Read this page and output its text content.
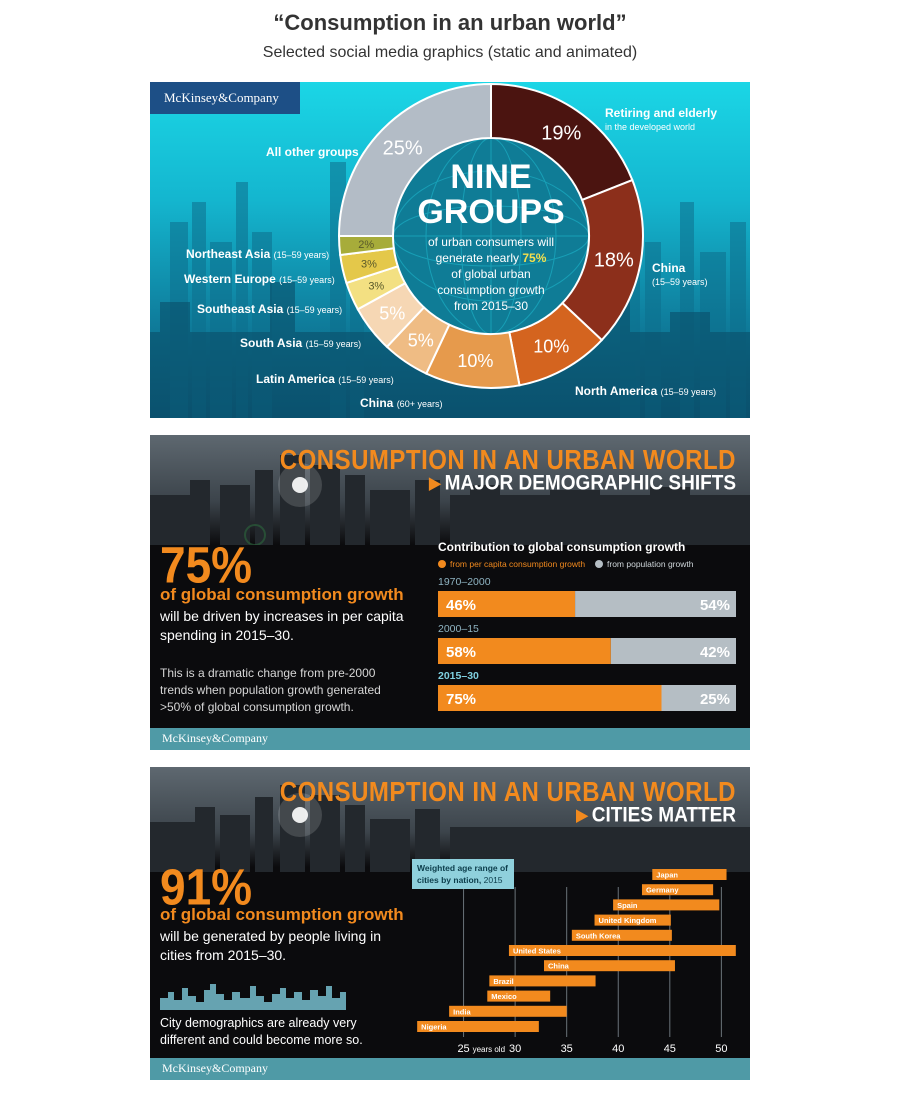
“Consumption in an urban world”
Selected social media graphics (static and animated)
McKinsey&Company
19%
18%
10%
10%
5%
5%
3%
3%
2%
25%
NINE
GROUPS
of urban consumers will
generate nearly 75%
of global urban
consumption growth
from 2015–30
Retiring and elderly
in the developed world
China
(15–59 years)
North America (15–59 years)
China (60+ years)
Latin America (15–59 years)
South Asia (15–59 years)
Southeast Asia (15–59 years)
Western Europe (15–59 years)
Northeast Asia (15–59 years)
All other groups
CONSUMPTION IN AN URBAN WORLD
▶ MAJOR DEMOGRAPHIC SHIFTS
75%
of global consumption growth
will be driven by increases in per capita spending in 2015–30.
This is a dramatic change from pre-2000 trends when population growth generated >50% of global consumption growth.
Contribution to global consumption growth
from per capita consumption growth	from population growth
1970–2000
46%	54%
2000–15
58%	42%
2015–30
75%	25%
McKinsey&Company
CONSUMPTION IN AN URBAN WORLD
▶ CITIES MATTER
91%
of global consumption growth
will be generated by people living in cities from 2015–30.
City demographics are already very different and could become more so.
25	30	35	40	45	50
years old
Weighted age range of
cities by nation, 2015	Japan
Germany
Spain
United Kingdom
South Korea
United States
China
Brazil
Mexico
India
Nigeria
McKinsey&Company
